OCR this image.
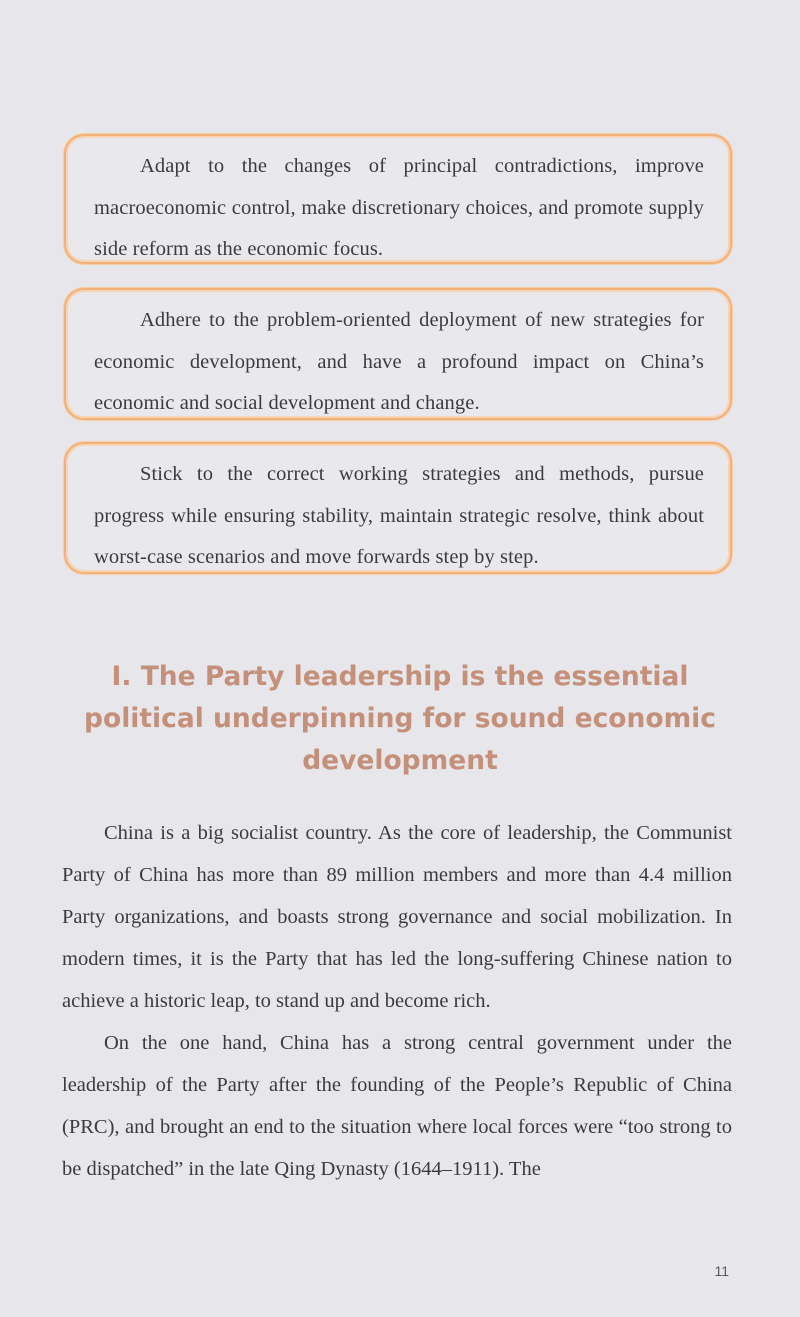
Adapt to the changes of principal contradictions, improve macroeconomic control, make discretionary choices, and promote supply side reform as the economic focus.

Adhere to the problem-oriented deployment of new strategies for economic development, and have a profound impact on China’s economic and social development and change.

Stick to the correct working strategies and methods, pursue progress while ensuring stability, maintain strategic resolve, think about worst-case scenarios and move forwards step by step.

I. The Party leadership is the essential political underpinning for sound economic development

China is a big socialist country. As the core of leadership, the Communist Party of China has more than 89 million members and more than 4.4 million Party organizations, and boasts strong governance and social mobilization. In modern times, it is the Party that has led the long-suffering Chinese nation to achieve a historic leap, to stand up and become rich.

On the one hand, China has a strong central government under the leadership of the Party after the founding of the People’s Republic of China (PRC), and brought an end to the situation where local forces were “too strong to be dispatched” in the late Qing Dynasty (1644–1911). The

11
